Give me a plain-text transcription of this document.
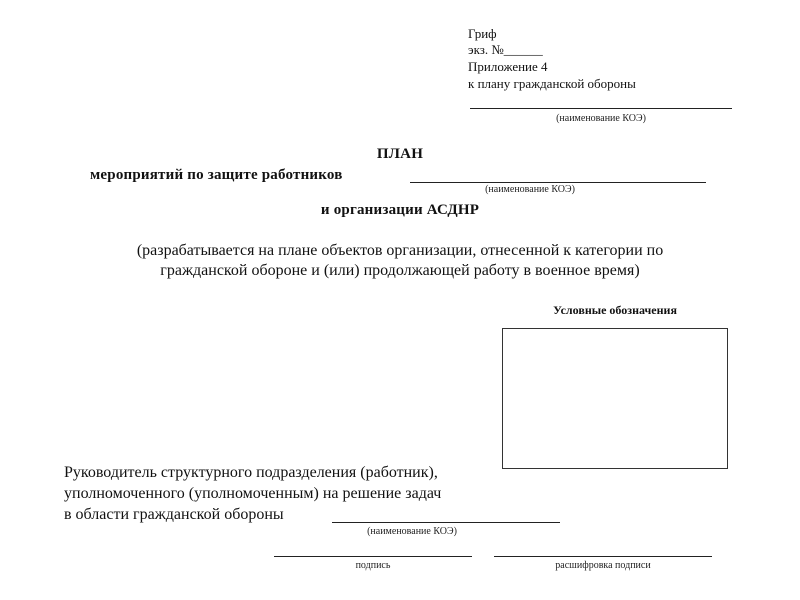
Гриф
экз. №______
Приложение 4
к плану гражданской обороны
(наименование КОЭ)
ПЛАН
мероприятий по защите работников
(наименование КОЭ)
и организации АСДНР
(разрабатывается на плане объектов организации, отнесенной к категории по
гражданской обороне и (или) продолжающей работу в военное время)
Условные обозначения
Руководитель структурного подразделения (работник),
уполномоченного (уполномоченным) на решение задач
в области гражданской обороны
(наименование КОЭ)
подпись	расшифровка подписи
